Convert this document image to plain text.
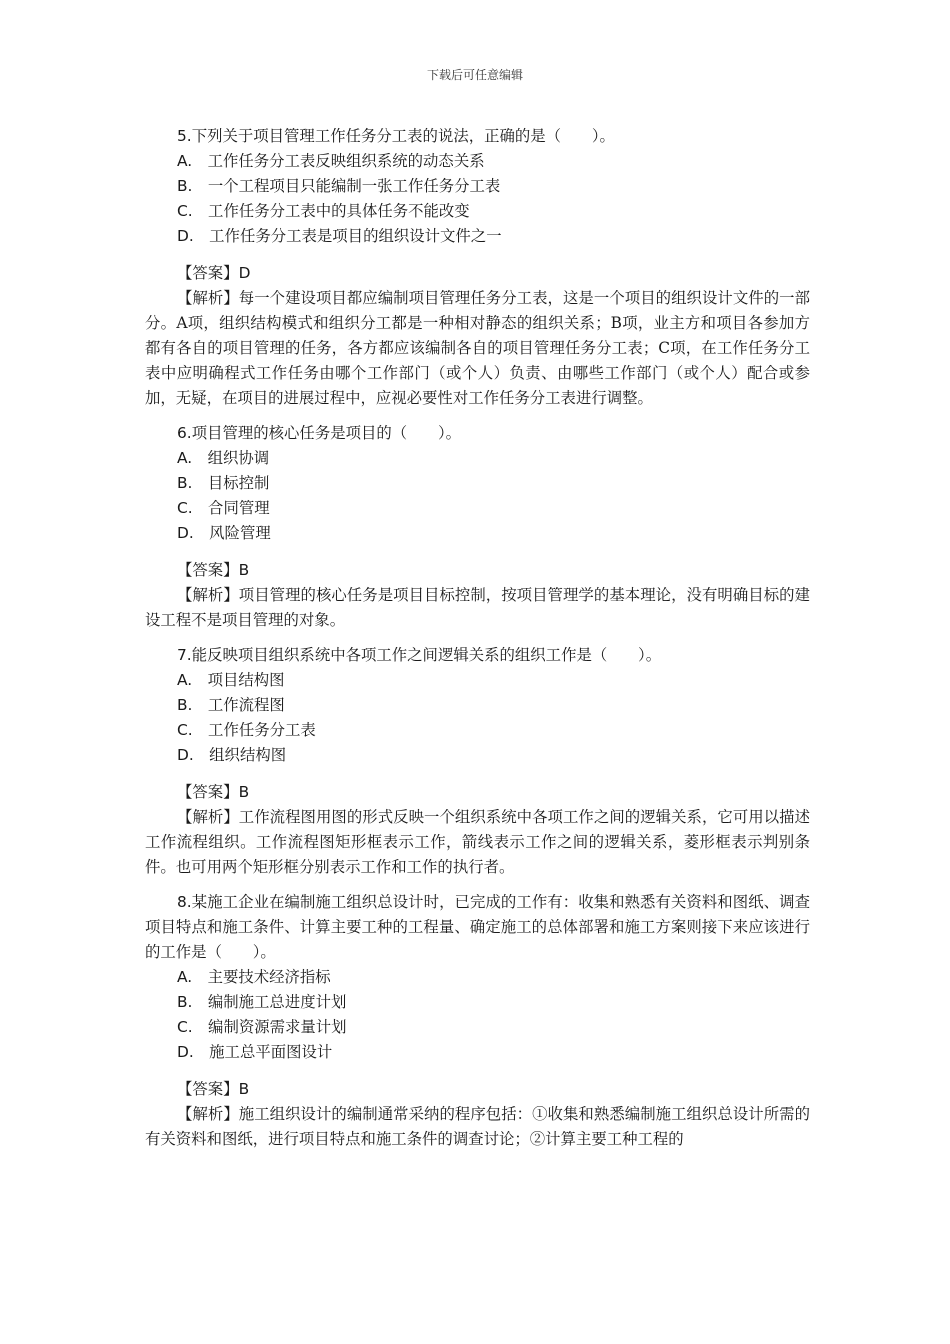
下载后可任意编辑

5.下列关于项目管理工作任务分工表的说法，正确的是（　　）。

A.　 工作任务分工表反映组织系统的动态关系

B.　 一个工程项目只能编制一张工作任务分工表

C.　 工作任务分工表中的具体任务不能改变

D.　 工作任务分工表是项目的组织设计文件之一

【答案】D

【解析】每一个建设项目都应编制项目管理任务分工表，这是一个项目的组织设计文件的一部分。A项，组织结构模式和组织分工都是一种相对静态的组织关系；B项，业主方和项目各参加方都有各自的项目管理的任务，各方都应该编制各自的项目管理任务分工表；C项，在工作任务分工表中应明确程式工作任务由哪个工作部门（或个人）负责、由哪些工作部门（或个人）配合或参加，无疑，在项目的进展过程中，应视必要性对工作任务分工表进行调整。

6.项目管理的核心任务是项目的（　　）。

A.　 组织协调

B.　 目标控制

C.　 合同管理

D.　 风险管理

【答案】B

【解析】项目管理的核心任务是项目目标控制，按项目管理学的基本理论，没有明确目标的建设工程不是项目管理的对象。

7.能反映项目组织系统中各项工作之间逻辑关系的组织工作是（　　）。

A.　 项目结构图

B.　 工作流程图

C.　 工作任务分工表

D.　 组织结构图

【答案】B

【解析】工作流程图用图的形式反映一个组织系统中各项工作之间的逻辑关系，它可用以描述工作流程组织。工作流程图矩形框表示工作，箭线表示工作之间的逻辑关系，菱形框表示判别条件。也可用两个矩形框分别表示工作和工作的执行者。

8.某施工企业在编制施工组织总设计时，已完成的工作有：收集和熟悉有关资料和图纸、调查项目特点和施工条件、计算主要工种的工程量、确定施工的总体部署和施工方案则接下来应该进行的工作是（　　）。

A.　 主要技术经济指标

B.　 编制施工总进度计划

C.　 编制资源需求量计划

D.　 施工总平面图设计

【答案】B

【解析】施工组织设计的编制通常采纳的程序包括：①收集和熟悉编制施工组织总设计所需的有关资料和图纸，进行项目特点和施工条件的调查讨论；②计算主要工种工程的
